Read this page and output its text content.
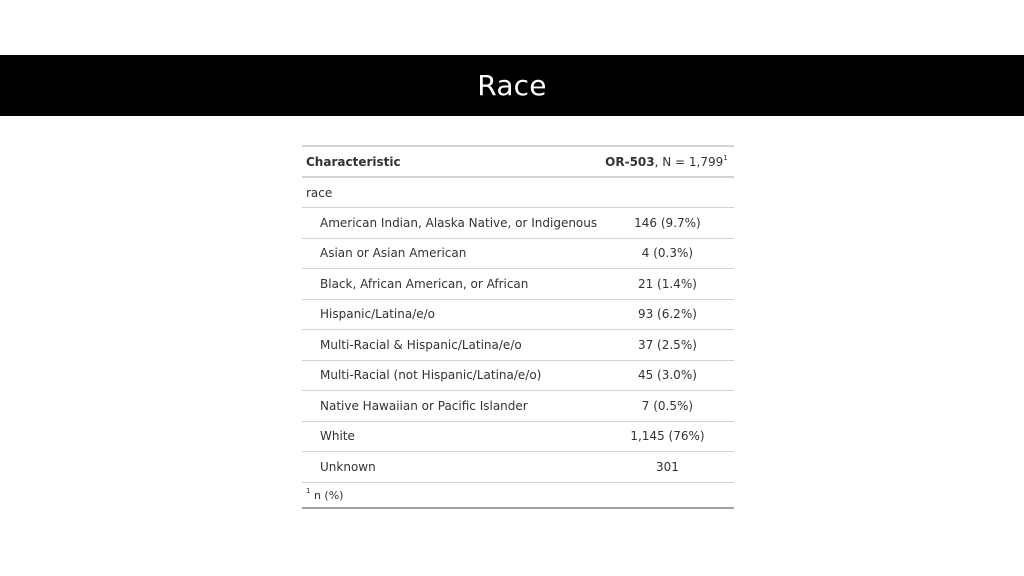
Race
Characteristic	OR-503, $N = 1,799^1$
race	
American Indian, Alaska Native, or Indigenous	146 (9.7%)
Asian or Asian American	4 (0.3%)
Black, African American, or African	21 (1.4%)
Hispanic/Latina/e/o	93 (6.2%)
Multi-Racial & Hispanic/Latina/e/o	37 (2.5%)
Multi-Racial (not Hispanic/Latina/e/o)	45 (3.0%)
Native Hawaiian or Pacific Islander	7 (0.5%)
White	1,145 (76%)
Unknown	301
$^1$ n (%)	
